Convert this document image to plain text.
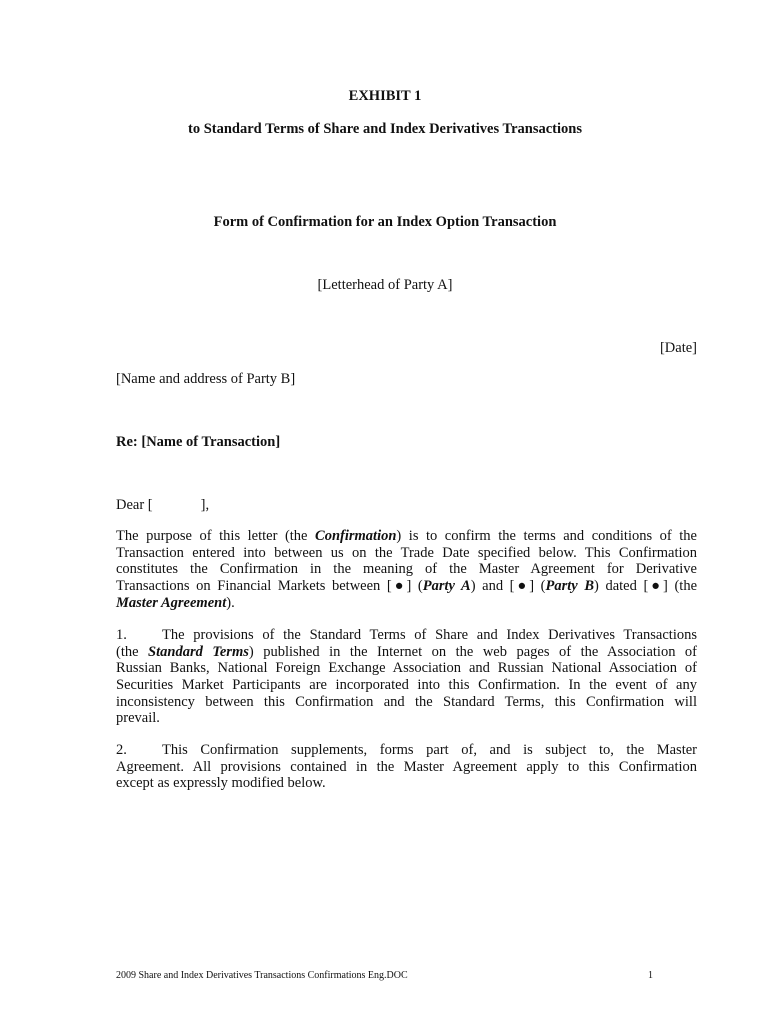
EXHIBIT 1
to Standard Terms of Share and Index Derivatives Transactions
Form of Confirmation for an Index Option Transaction
[Letterhead of Party A]
[Date]
[Name and address of Party B]
Re: [Name of Transaction]
Dear [	],
The purpose of this letter (the Confirmation) is to confirm the terms and conditions of the
Transaction entered into between us on the Trade Date specified below. This Confirmation
constitutes the Confirmation in the meaning of the Master Agreement for Derivative
Transactions on Financial Markets between [●] (Party A) and [●] (Party B) dated [●] (the
Master Agreement).
1. The provisions of the Standard Terms of Share and Index Derivatives Transactions
(the Standard Terms) published in the Internet on the web pages of the Association of
Russian Banks, National Foreign Exchange Association and Russian National Association of
Securities Market Participants are incorporated into this Confirmation. In the event of any
inconsistency between this Confirmation and the Standard Terms, this Confirmation will
prevail.
2. This Confirmation supplements, forms part of, and is subject to, the Master
Agreement. All provisions contained in the Master Agreement apply to this Confirmation
except as expressly modified below.
2009 Share and Index Derivatives Transactions Confirmations Eng.DOC	1
